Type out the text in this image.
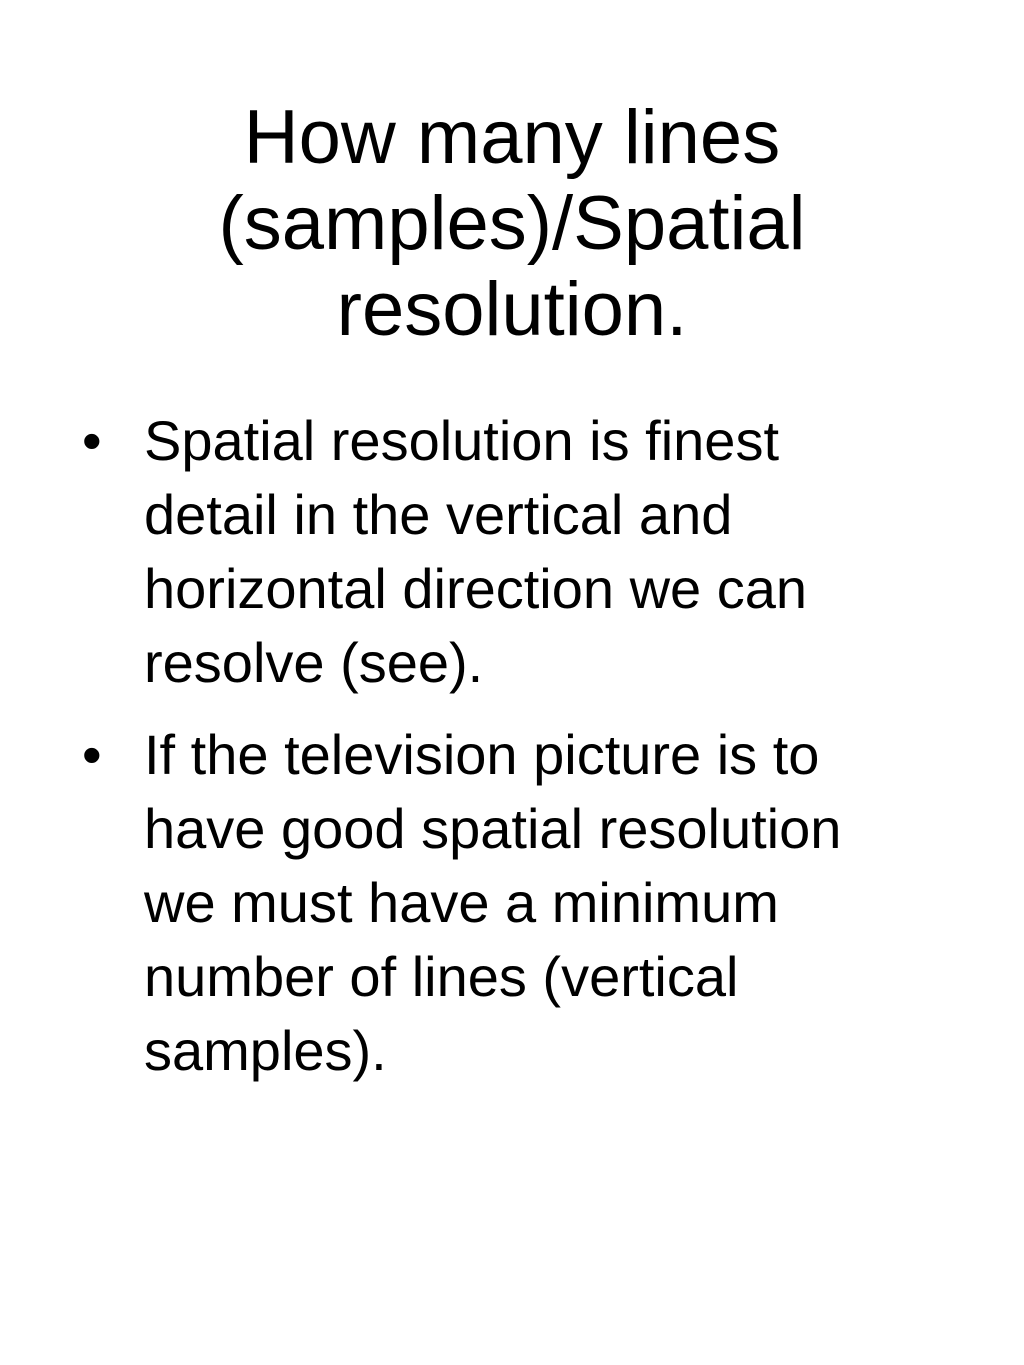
How many lines
(samples)/Spatial
resolution.
• Spatial resolution is finest
detail in the vertical and
horizontal direction we can
resolve (see).
• If the television picture is to
have good spatial resolution
we must have a minimum
number of lines (vertical
samples).
